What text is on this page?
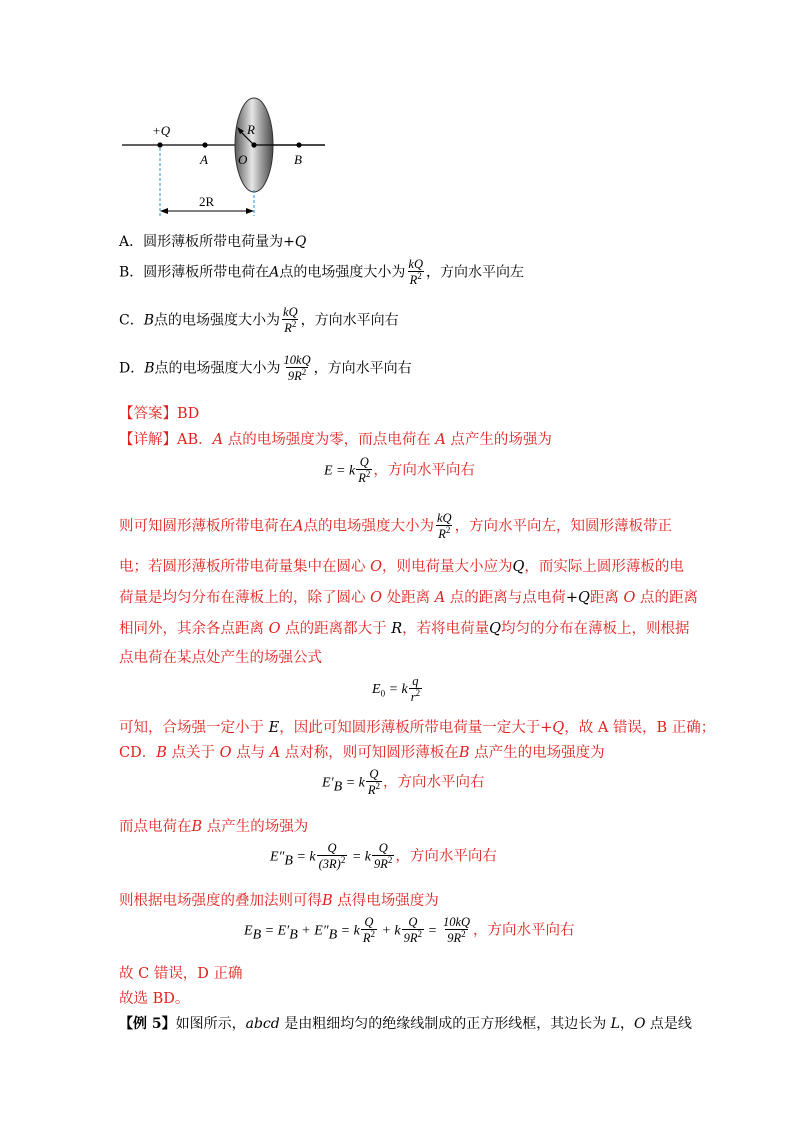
+Q
A O
R
B
2R
A．圆形薄板所带电荷量为+Q
B．圆形薄板所带电荷在A点的电场强度大小为 $\frac{kQ}{R^2}$ ，方向水平向左
C．B点的电场强度大小为 $\frac{kQ}{R^2}$ ，方向水平向右
D．B点的电场强度大小为 $\frac{10kQ}{9R^2}$ ，方向水平向右
【答案】BD
【详解】AB．A 点的电场强度为零，而点电荷在 A 点产生的场强为
E = k $\frac{Q}{R^2}$ ，方向水平向右
则可知圆形薄板所带电荷在A点的电场强度大小为 $\frac{kQ}{R^2}$ ，方向水平向左，知圆形薄板带正
电；若圆形薄板所带电荷量集中在圆心 O，则电荷量大小应为Q，而实际上圆形薄板的电
荷量是均匀分布在薄板上的，除了圆心 O 处距离 A 点的距离与点电荷+Q距离 O 点的距离
相同外，其余各点距离 O 点的距离都大于 R，若将电荷量Q均匀的分布在薄板上，则根据
点电荷在某点处产生的场强公式
$E_0 = k \frac{q}{r^2}$
可知，合场强一定小于 E，因此可知圆形薄板所带电荷量一定大于+Q，故 A 错误，B 正确；
CD．B 点关于 O 点与 A 点对称，则可知圆形薄板在B 点产生的电场强度为
$E'_B = k \frac{Q}{R^2}$ ，方向水平向右
而点电荷在B 点产生的场强为
$E''_B = k \frac{Q}{(3R)^2} = k \frac{Q}{9R^2}$ ，方向水平向右
则根据电场强度的叠加法则可得B 点得电场强度为
$E_B = E'_B + E''_B = k \frac{Q}{R^2} + k \frac{Q}{9R^2} = \frac{10kQ}{9R^2}$ ，方向水平向右
故 C 错误，D 正确
故选 BD。
【例 5】如图所示，abcd 是由粗细均匀的绝缘线制成的正方形线框，其边长为 L，O 点是线
